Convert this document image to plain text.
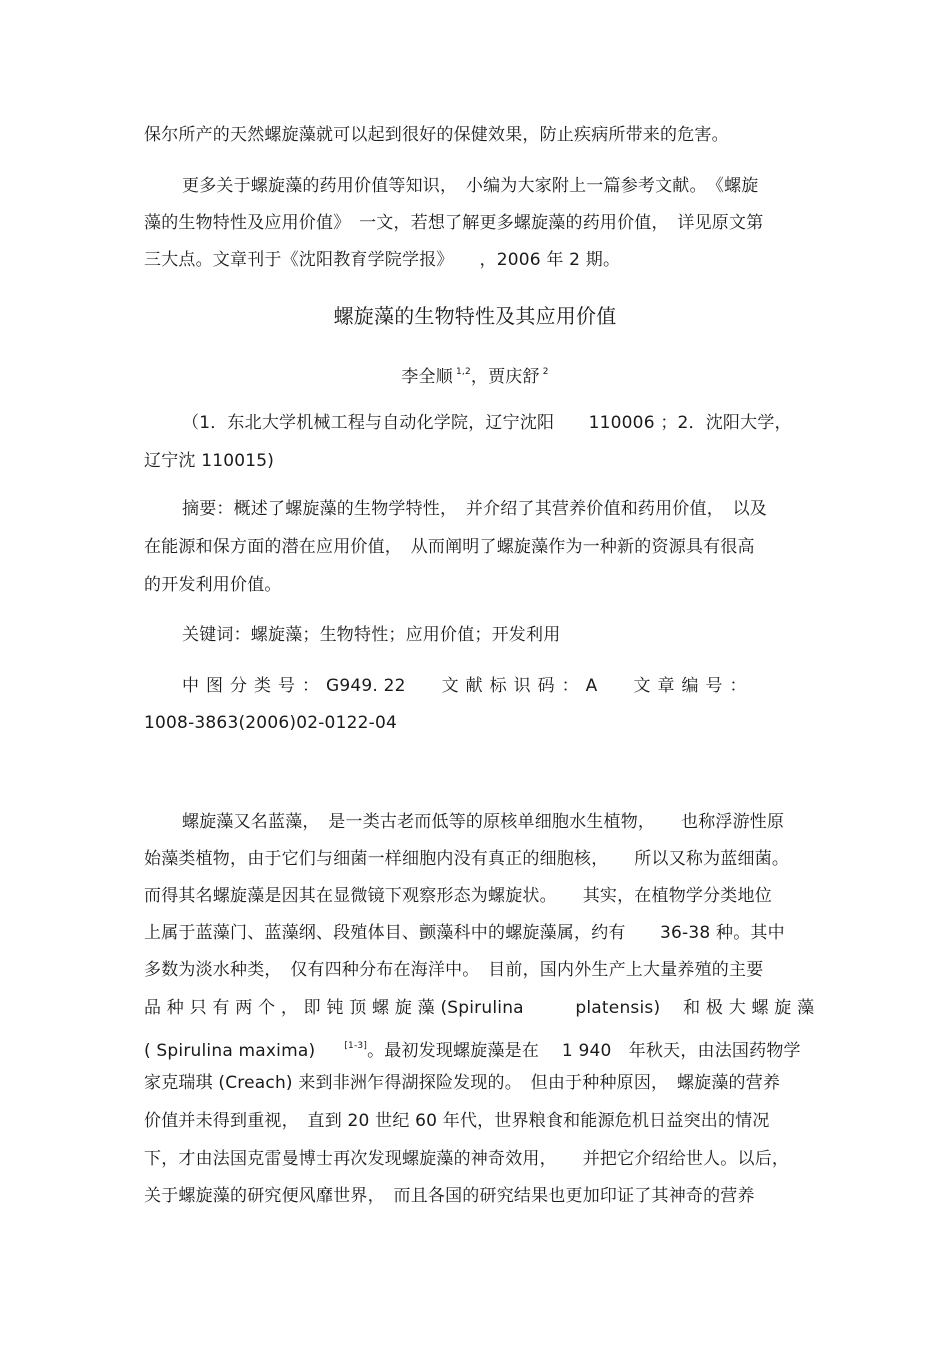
保尔所产的天然螺旋藻就可以起到很好的保健效果，防止疾病所带来的危害。
更多关于螺旋藻的药用价值等知识，　小编为大家附上一篇参考文献。　《螺旋
藻的生物特性及应用价值》　一文，若想了解更多螺旋藻的药用价值，　详见原文第
三大点。文章刊于《沈阳教育学院学报》　　，2006 年 2 期。
螺旋藻的生物特性及其应用价值
李全顺 $^{1,2}$，贾庆舒 $^2$
（1．东北大学机械工程与自动化学院，辽宁沈阳　　110006 ；2．沈阳大学，
辽宁沈 110015)
摘要：概述了螺旋藻的生物学特性，　并介绍了其营养价值和药用价值，　以及
在能源和保方面的潜在应用价值，　从而阐明了螺旋藻作为一种新的资源具有很高
的开发利用价值。
关键词：螺旋藻；生物特性；应用价值；开发利用
中图分类号：G949. 22 文献标识码：A 文章编号：
1008-3863(2006)02-0122-04
螺旋藻又名蓝藻，　是一类古老而低等的原核单细胞水生植物，　　也称浮游性原
始藻类植物，由于它们与细菌一样细胞内没有真正的细胞核，　　所以又称为蓝细菌。
而得其名螺旋藻是因其在显微镜下观察形态为螺旋状。　　其实，在植物学分类地位
上属于蓝藻门、蓝藻纲、段殖体目、颤藻科中的螺旋藻属，约有　　36-38 种。其中
多数为淡水种类，　仅有四种分布在海洋中。　目前，国内外生产上大量养殖的主要
品 种 只 有 两 个 ， 即 钝 顶 螺 旋 藻 (Spirulina　　　platensis)　 和 极 大 螺 旋 藻
( Spirulina maxima)	[1-3]。最初发现螺旋藻是在　 1 940　年秋天，由法国药物学
家克瑞琪 (Creach) 来到非洲乍得湖探险发现的。　但由于种种原因，　螺旋藻的营养
价值并未得到重视，　直到 20 世纪 60 年代，世界粮食和能源危机日益突出的情况
下，才由法国克雷曼博士再次发现螺旋藻的神奇效用，　　并把它介绍给世人。以后，
关于螺旋藻的研究便风靡世界，　而且各国的研究结果也更加印证了其神奇的营养
